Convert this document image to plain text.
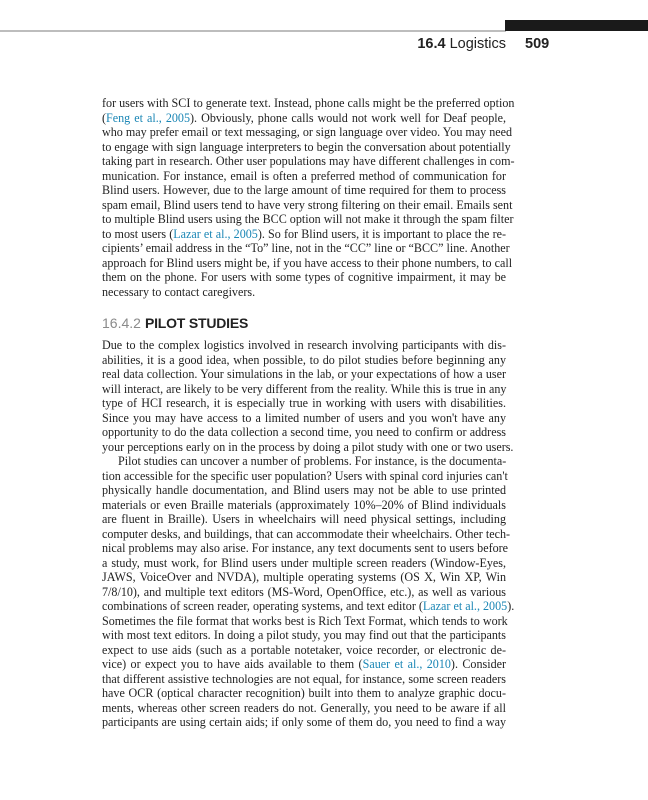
16.4 Logistics 509
16.4.2 PILOT STUDIES
for users with SCI to generate text. Instead, phone calls might be the preferred option
(Feng et al., 2005). Obviously, phone calls would not work well for Deaf people,
who may prefer email or text messaging, or sign language over video. You may need
to engage with sign language interpreters to begin the conversation about potentially
taking part in research. Other user populations may have different challenges in com-
munication. For instance, email is often a preferred method of communication for
Blind users. However, due to the large amount of time required for them to process
spam email, Blind users tend to have very strong filtering on their email. Emails sent
to multiple Blind users using the BCC option will not make it through the spam filter
to most users (Lazar et al., 2005). So for Blind users, it is important to place the re-
cipients’ email address in the “To” line, not in the “CC” line or “BCC” line. Another
approach for Blind users might be, if you have access to their phone numbers, to call
them on the phone. For users with some types of cognitive impairment, it may be
necessary to contact caregivers.
Due to the complex logistics involved in research involving participants with dis-
abilities, it is a good idea, when possible, to do pilot studies before beginning any
real data collection. Your simulations in the lab, or your expectations of how a user
will interact, are likely to be very different from the reality. While this is true in any
type of HCI research, it is especially true in working with users with disabilities.
Since you may have access to a limited number of users and you won't have any
opportunity to do the data collection a second time, you need to confirm or address
your perceptions early on in the process by doing a pilot study with one or two users.
Pilot studies can uncover a number of problems. For instance, is the documenta-
tion accessible for the specific user population? Users with spinal cord injuries can't
physically handle documentation, and Blind users may not be able to use printed
materials or even Braille materials (approximately 10%–20% of Blind individuals
are fluent in Braille). Users in wheelchairs will need physical settings, including
computer desks, and buildings, that can accommodate their wheelchairs. Other tech-
nical problems may also arise. For instance, any text documents sent to users before
a study, must work, for Blind users under multiple screen readers (Window-Eyes,
JAWS, VoiceOver and NVDA), multiple operating systems (OS X, Win XP, Win
7/8/10), and multiple text editors (MS-Word, OpenOffice, etc.), as well as various
combinations of screen reader, operating systems, and text editor (Lazar et al., 2005).
Sometimes the file format that works best is Rich Text Format, which tends to work
with most text editors. In doing a pilot study, you may find out that the participants
expect to use aids (such as a portable notetaker, voice recorder, or electronic de-
vice) or expect you to have aids available to them (Sauer et al., 2010). Consider
that different assistive technologies are not equal, for instance, some screen readers
have OCR (optical character recognition) built into them to analyze graphic docu-
ments, whereas other screen readers do not. Generally, you need to be aware if all
participants are using certain aids; if only some of them do, you need to find a way
